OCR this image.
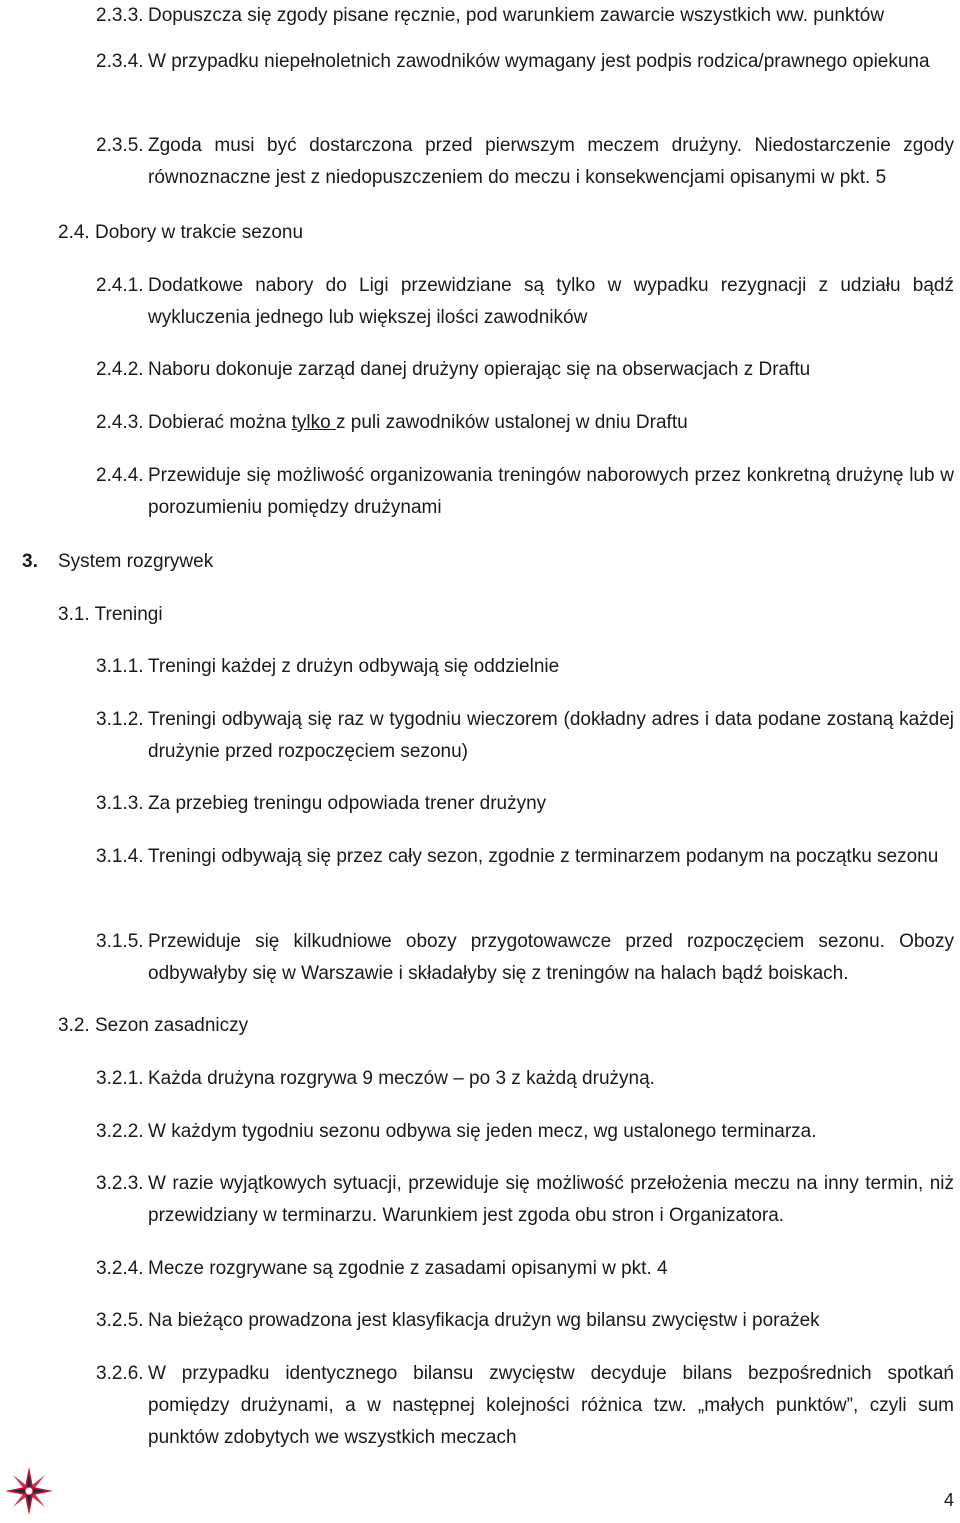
2.3.3. Dopuszcza się zgody pisane ręcznie, pod warunkiem zawarcie wszystkich ww. punktów
2.3.4. W przypadku niepełnoletnich zawodników wymagany jest podpis rodzica/prawnego opiekuna
2.3.5. Zgoda musi być dostarczona przed pierwszym meczem drużyny. Niedostarczenie zgody równoznaczne jest z niedopuszczeniem do meczu i konsekwencjami opisanymi w pkt. 5
2.4. Dobory w trakcie sezonu
2.4.1. Dodatkowe nabory do Ligi przewidziane są tylko w wypadku rezygnacji z udziału bądź wykluczenia jednego lub większej ilości zawodników
2.4.2. Naboru dokonuje zarząd danej drużyny opierając się na obserwacjach z Draftu
2.4.3. Dobierać można tylko z puli zawodników ustalonej w dniu Draftu
2.4.4. Przewiduje się możliwość organizowania treningów naborowych przez konkretną drużynę lub w porozumieniu pomiędzy drużynami
3. System rozgrywek
3.1. Treningi
3.1.1. Treningi każdej z drużyn odbywają się oddzielnie
3.1.2. Treningi odbywają się raz w tygodniu wieczorem (dokładny adres i data podane zostaną każdej drużynie przed rozpoczęciem sezonu)
3.1.3. Za przebieg treningu odpowiada trener drużyny
3.1.4. Treningi odbywają się przez cały sezon, zgodnie z terminarzem podanym na początku sezonu
3.1.5. Przewiduje się kilkudniowe obozy przygotowawcze przed rozpoczęciem sezonu. Obozy odbywałyby się w Warszawie i składałyby się z treningów na halach bądź boiskach.
3.2. Sezon zasadniczy
3.2.1. Każda drużyna rozgrywa 9 meczów – po 3 z każdą drużyną.
3.2.2. W każdym tygodniu sezonu odbywa się jeden mecz, wg ustalonego terminarza.
3.2.3. W razie wyjątkowych sytuacji, przewiduje się możliwość przełożenia meczu na inny termin, niż przewidziany w terminarzu. Warunkiem jest zgoda obu stron i Organizatora.
3.2.4. Mecze rozgrywane są zgodnie z zasadami opisanymi w pkt. 4
3.2.5. Na bieżąco prowadzona jest klasyfikacja drużyn wg bilansu zwycięstw i porażek
3.2.6. W przypadku identycznego bilansu zwycięstw decyduje bilans bezpośrednich spotkań pomiędzy drużynami, a w następnej kolejności różnica tzw. „małych punktów”, czyli sum punktów zdobytych we wszystkich meczach
4
